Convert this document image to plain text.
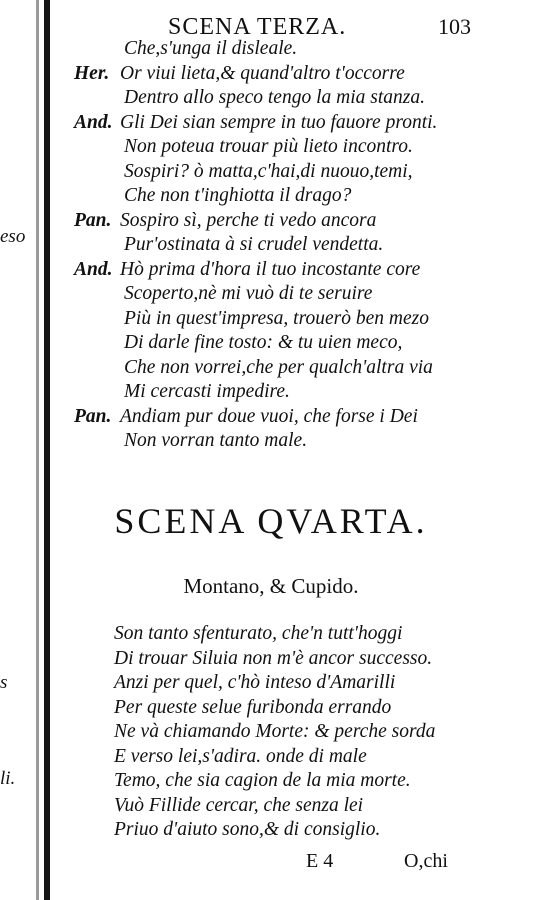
eso
s
li.
SCENA TERZA.	103
Che,s'unga il disleale.
Her. Or viui lieta,& quand'altro t'occorre
Dentro allo speco tengo la mia stanza.
And. Gli Dei sian sempre in tuo fauore pronti.
Non poteua trouar più lieto incontro.
Sospiri? ò matta,c'hai,di nuouo,temi,
Che non t'inghiotta il drago?
Pan. Sospiro sì, perche ti vedo ancora
Pur'ostinata à si crudel vendetta.
And. Hò prima d'hora il tuo incostante core
Scoperto,nè mi vuò di te seruire
Più in quest'impresa, trouerò ben mezo
Di darle fine tosto: & tu uien meco,
Che non vorrei,che per qualch'altra via
Mi cercasti impedire.
Pan. Andiam pur doue vuoi, che forse i Dei
Non vorran tanto male.
SCENA QVARTA.
Montano, & Cupido.
Son tanto sfenturato, che'n tutt'hoggi
Di trouar Siluia non m'è ancor successo.
Anzi per quel, c'hò inteso d'Amarilli
Per queste selue furibonda errando
Ne và chiamando Morte: & perche sorda
E verso lei,s'adira. onde di male
Temo, che sia cagion de la mia morte.
Vuò Fillide cercar, che senza lei
Priuo d'aiuto sono,& di consiglio.
E 4	O,chi
